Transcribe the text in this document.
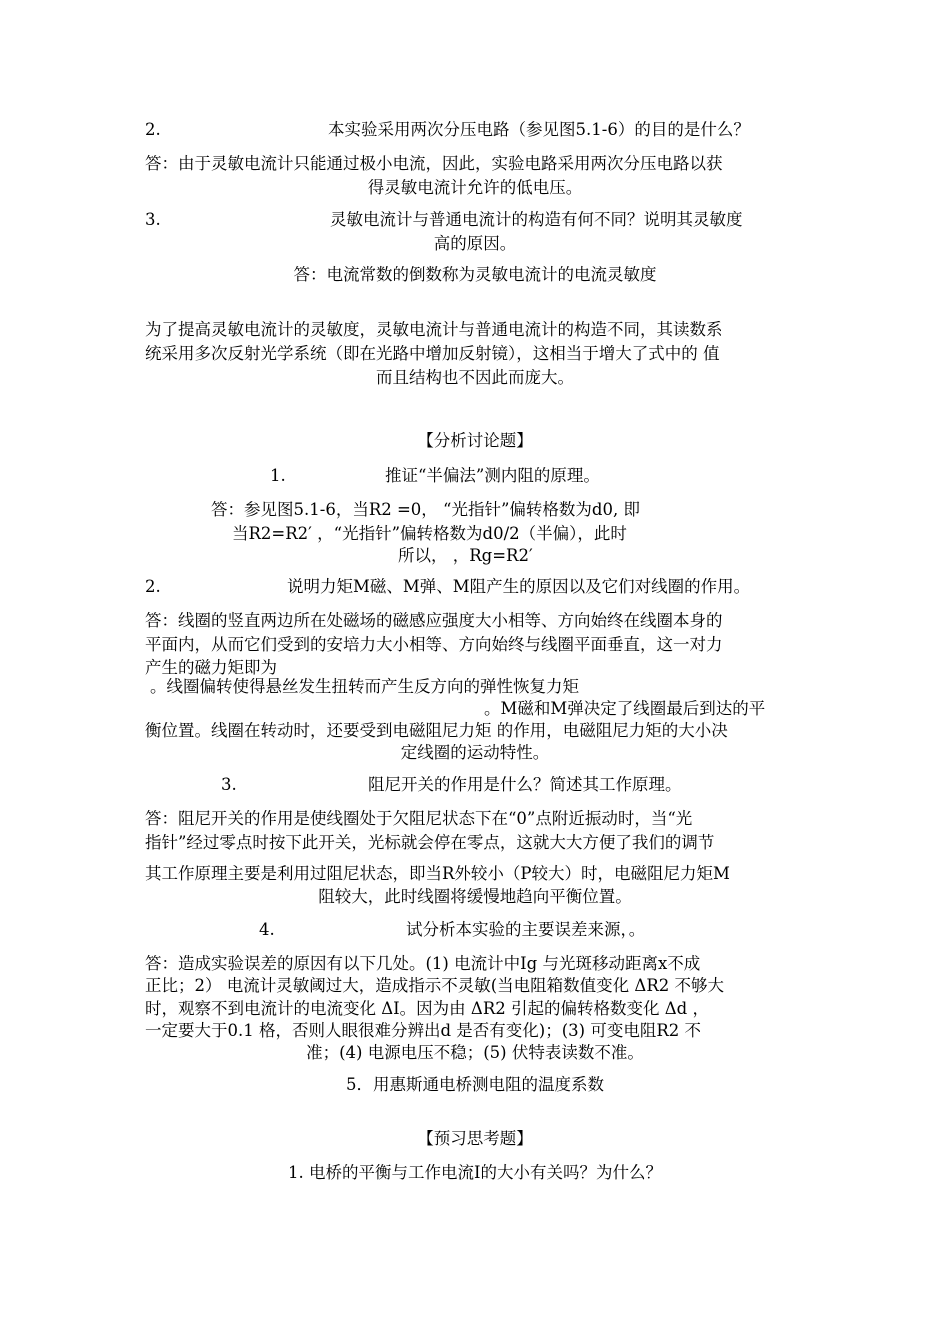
2.	本实验采用两次分压电路（参见图5.1-6）的目的是什么？
答：由于灵敏电流计只能通过极小电流，因此，实验电路采用两次分压电路以获
得灵敏电流计允许的低电压。
3.	灵敏电流计与普通电流计的构造有何不同？说明其灵敏度
高的原因。
答：电流常数的倒数称为灵敏电流计的电流灵敏度
为了提高灵敏电流计的灵敏度，灵敏电流计与普通电流计的构造不同，其读数系
统采用多次反射光学系统（即在光路中增加反射镜），这相当于增大了式中的 值
而且结构也不因此而庞大。
【分析讨论题】
1.	推证“半偏法”测内阻的原理。
答：参见图5.1-6，当R2 =0， “光指针”偏转格数为d0, 即
当R2=R2′ ，“光指针”偏转格数为d0/2（半偏），此时
所以， ，Rg=R2′
2.	说明力矩M磁、M弹、M阻产生的原因以及它们对线圈的作用。
答：线圈的竖直两边所在处磁场的磁感应强度大小相等、方向始终在线圈本身的
平面内，从而它们受到的安培力大小相等、方向始终与线圈平面垂直，这一对力
产生的磁力矩即为
。线圈偏转使得悬丝发生扭转而产生反方向的弹性恢复力矩
。M磁和M弹决定了线圈最后到达的平
衡位置。线圈在转动时，还要受到电磁阻尼力矩 的作用，电磁阻尼力矩的大小决
定线圈的运动特性。
3.	阻尼开关的作用是什么？简述其工作原理。
答：阻尼开关的作用是使线圈处于欠阻尼状态下在“0”点附近振动时，当“光
指针”经过零点时按下此开关，光标就会停在零点，这就大大方便了我们的调节
其工作原理主要是利用过阻尼状态，即当R外较小（P较大）时，电磁阻尼力矩M
阻较大，此时线圈将缓慢地趋向平衡位置。
4.	试分析本实验的主要误差来源，。
答：造成实验误差的原因有以下几处。(1) 电流计中Ig 与光斑移动距离x不成
正比；2） 电流计灵敏阈过大，造成指示不灵敏(当电阻箱数值变化 ΔR2 不够大
时，观察不到电流计的电流变化 ΔI。因为由 ΔR2 引起的偏转格数变化 Δd ，
一定要大于0.1 格，否则人眼很难分辨出d 是否有变化)；(3) 可变电阻R2 不
准；(4) 电源电压不稳；(5) 伏特表读数不准。
5．用惠斯通电桥测电阻的温度系数
【预习思考题】
1. 电桥的平衡与工作电流I的大小有关吗？为什么？
